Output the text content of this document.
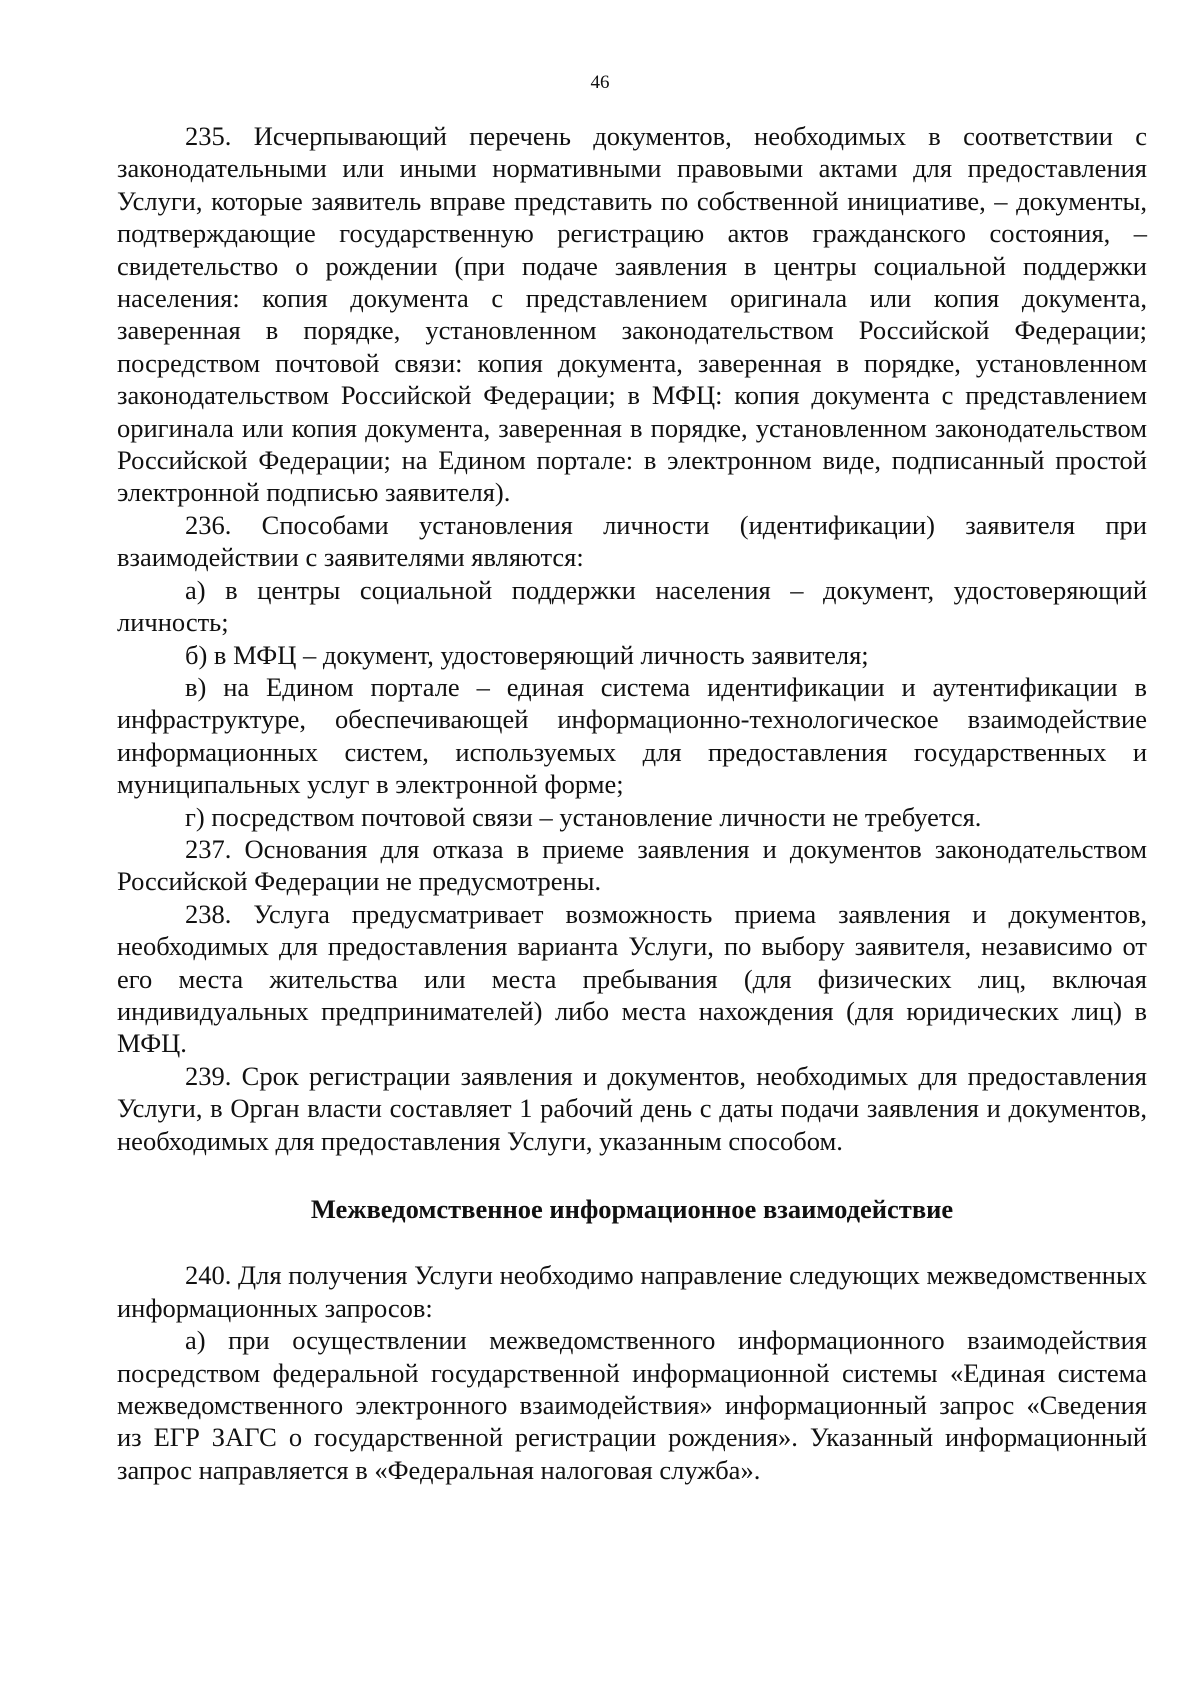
46

235. Исчерпывающий перечень документов, необходимых в соответствии с законодательными или иными нормативными правовыми актами для предоставления Услуги, которые заявитель вправе представить по собственной инициативе, – документы, подтверждающие государственную регистрацию актов гражданского состояния, – свидетельство о рождении (при подаче заявления в центры социальной поддержки населения: копия документа с представлением оригинала или копия документа, заверенная в порядке, установленном законодательством Российской Федерации; посредством почтовой связи: копия документа, заверенная в порядке, установленном законодательством Российской Федерации; в МФЦ: копия документа с представлением оригинала или копия документа, заверенная в порядке, установленном законодательством Российской Федерации; на Едином портале: в электронном виде, подписанный простой электронной подписью заявителя).

236. Способами установления личности (идентификации) заявителя при взаимодействии с заявителями являются:

а) в центры социальной поддержки населения – документ, удостоверяющий личность;

б) в МФЦ – документ, удостоверяющий личность заявителя;

в) на Едином портале – единая система идентификации и аутентификации в инфраструктуре, обеспечивающей информационно-технологическое взаимодействие информационных систем, используемых для предоставления государственных и муниципальных услуг в электронной форме;

г) посредством почтовой связи – установление личности не требуется.

237. Основания для отказа в приеме заявления и документов законодательством Российской Федерации не предусмотрены.

238. Услуга предусматривает возможность приема заявления и документов, необходимых для предоставления варианта Услуги, по выбору заявителя, независимо от его места жительства или места пребывания (для физических лиц, включая индивидуальных предпринимателей) либо места нахождения (для юридических лиц) в МФЦ.

239. Срок регистрации заявления и документов, необходимых для предоставления Услуги, в Орган власти составляет 1 рабочий день с даты подачи заявления и документов, необходимых для предоставления Услуги, указанным способом.

Межведомственное информационное взаимодействие

240. Для получения Услуги необходимо направление следующих межведомственных информационных запросов:

а) при осуществлении межведомственного информационного взаимодействия посредством федеральной государственной информационной системы «Единая система межведомственного электронного взаимодействия» информационный запрос «Сведения из ЕГР ЗАГС о государственной регистрации рождения». Указанный информационный запрос направляется в «Федеральная налоговая служба».
